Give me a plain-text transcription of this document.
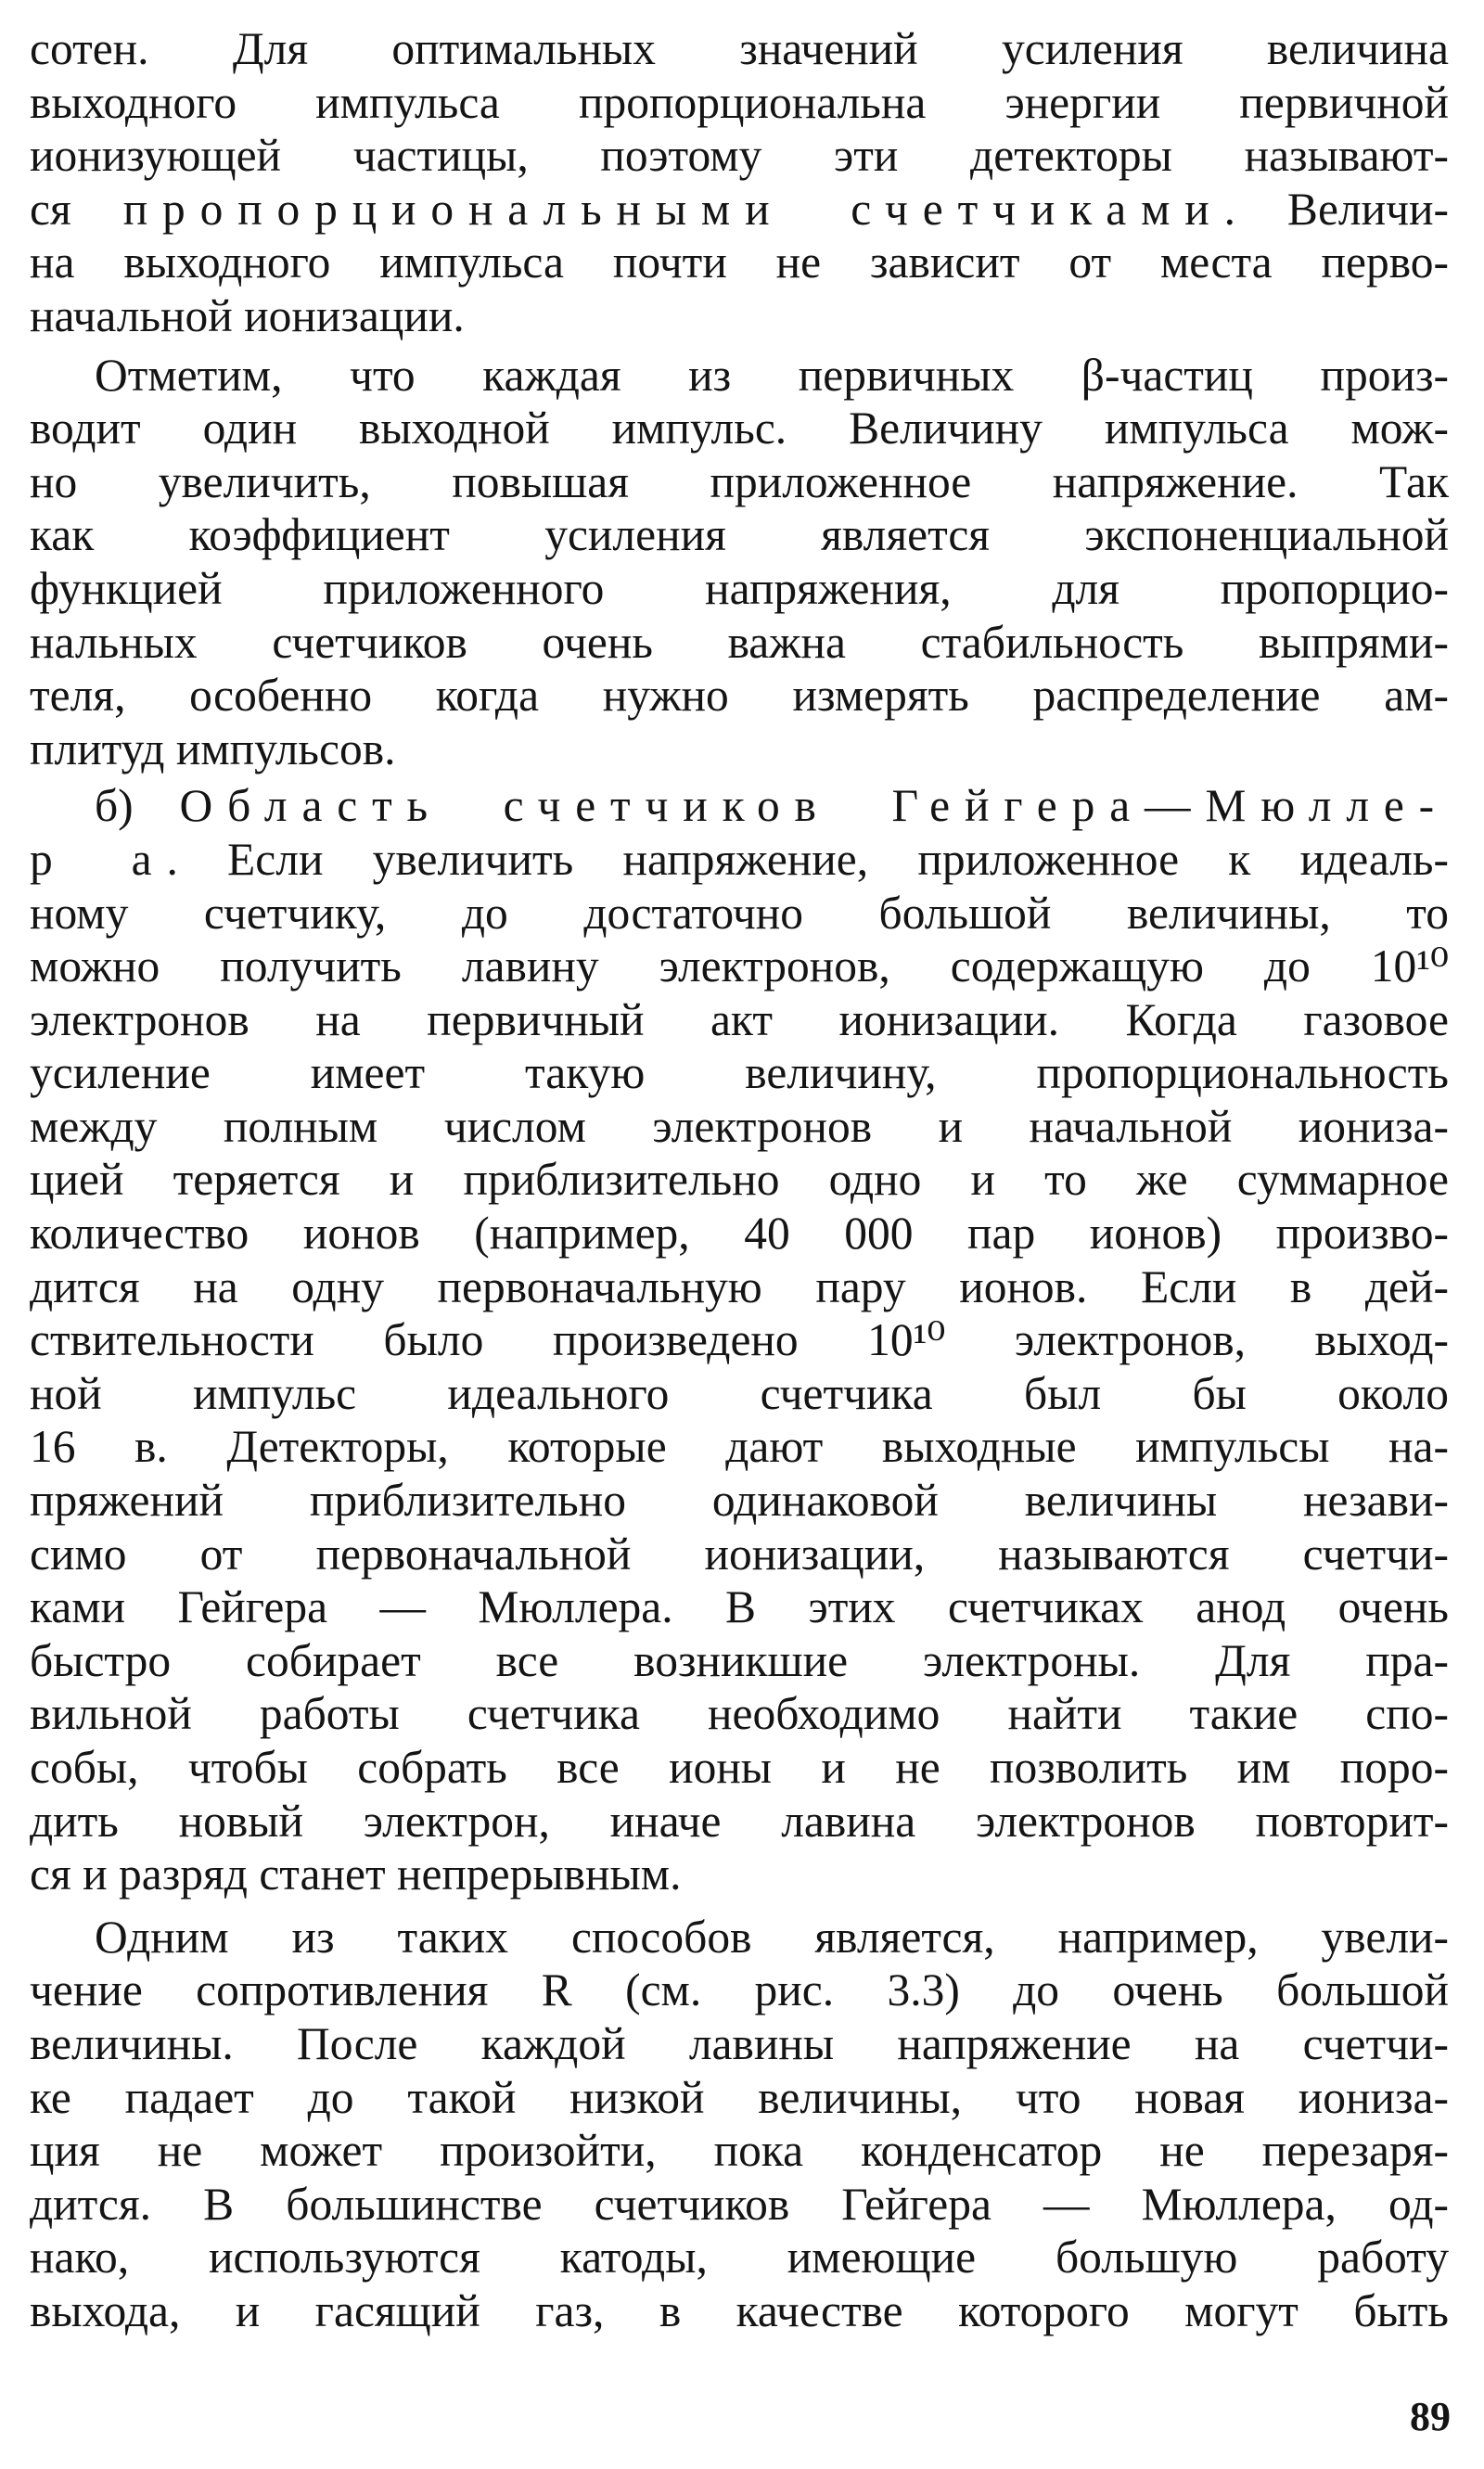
сотен. Для оптимальных значений усиления величина
выходного импульса пропорциональна энергии первичной
ионизующей частицы, поэтому эти детекторы называют-
ся пропорциональными счетчиками. Величи-
на выходного импульса почти не зависит от места перво-
начальной ионизации.
Отметим, что каждая из первичных β-частиц произ-
водит один выходной импульс. Величину импульса мож-
но увеличить, повышая приложенное напряжение. Так
как коэффициент усиления является экспоненциальной
функцией приложенного напряжения, для пропорцио-
нальных счетчиков очень важна стабильность выпрями-
теля, особенно когда нужно измерять распределение ам-
плитуд импульсов.
б) Область счетчиков Гейгера—Мюлле-
р а. Если увеличить напряжение, приложенное к идеаль-
ному счетчику, до достаточно большой величины, то
можно получить лавину электронов, содержащую до 10¹⁰
электронов на первичный акт ионизации. Когда газовое
усиление имеет такую величину, пропорциональность
между полным числом электронов и начальной иониза-
цией теряется и приблизительно одно и то же суммарное
количество ионов (например, 40 000 пар ионов) произво-
дится на одну первоначальную пару ионов. Если в дей-
ствительности было произведено 10¹⁰ электронов, выход-
ной импульс идеального счетчика был бы около
16 в. Детекторы, которые дают выходные импульсы на-
пряжений приблизительно одинаковой величины незави-
симо от первоначальной ионизации, называются счетчи-
ками Гейгера — Мюллера. В этих счетчиках анод очень
быстро собирает все возникшие электроны. Для пра-
вильной работы счетчика необходимо найти такие спо-
собы, чтобы собрать все ионы и не позволить им поро-
дить новый электрон, иначе лавина электронов повторит-
ся и разряд станет непрерывным.
Одним из таких способов является, например, увели-
чение сопротивления R (см. рис. 3.3) до очень большой
величины. После каждой лавины напряжение на счетчи-
ке падает до такой низкой величины, что новая иониза-
ция не может произойти, пока конденсатор не перезаря-
дится. В большинстве счетчиков Гейгера — Мюллера, од-
нако, используются катоды, имеющие большую работу
выхода, и гасящий газ, в качестве которого могут быть
89
